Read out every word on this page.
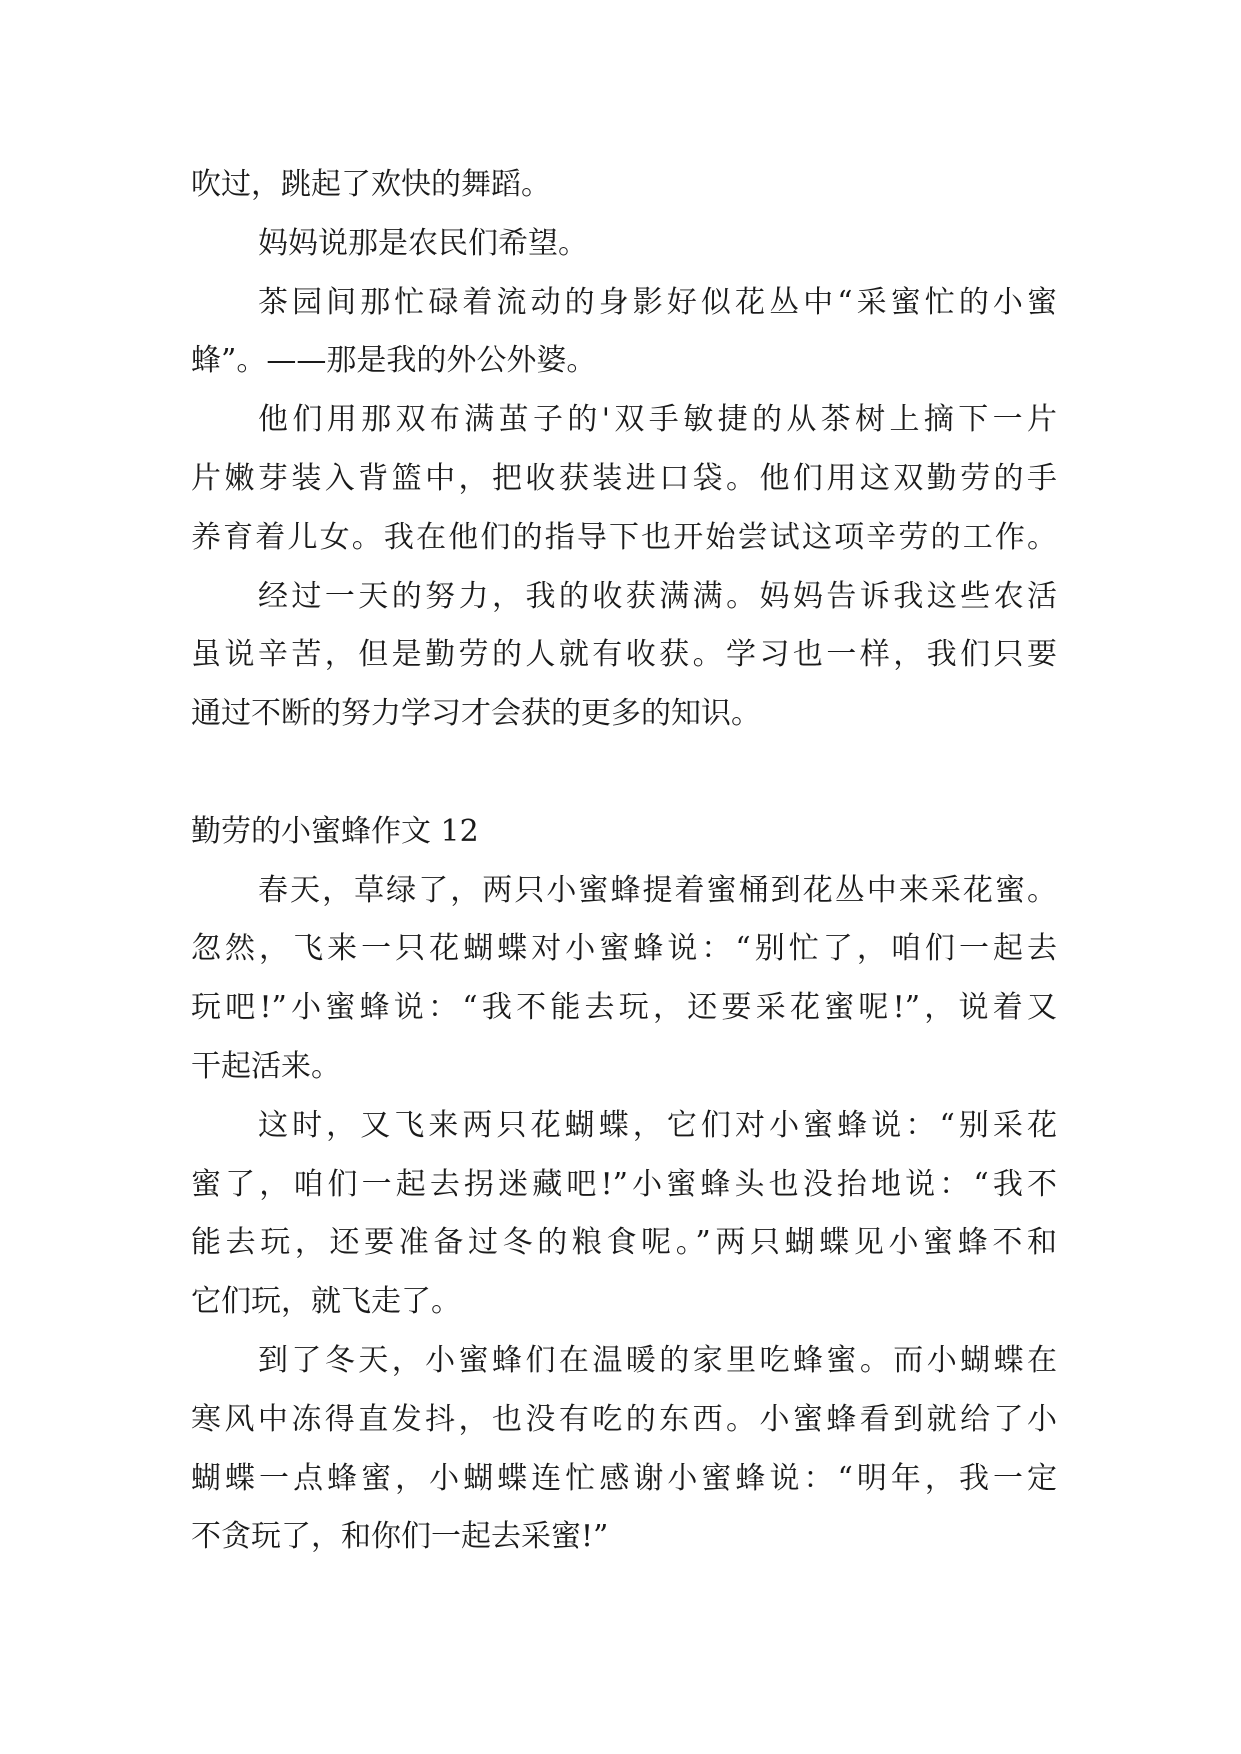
吹过，跳起了欢快的舞蹈。

妈妈说那是农民们希望。

茶园间那忙碌着流动的身影好似花丛中“采蜜忙的小蜜

蜂”。——那是我的外公外婆。

他们用那双布满茧子的'双手敏捷的从茶树上摘下一片

片嫩芽装入背篮中，把收获装进口袋。他们用这双勤劳的手

养育着儿女。我在他们的指导下也开始尝试这项辛劳的工作。

经过一天的努力，我的收获满满。妈妈告诉我这些农活

虽说辛苦，但是勤劳的人就有收获。学习也一样，我们只要

通过不断的努力学习才会获的更多的知识。

勤劳的小蜜蜂作文 12

春天，草绿了，两只小蜜蜂提着蜜桶到花丛中来采花蜜。

忽然，飞来一只花蝴蝶对小蜜蜂说：“别忙了，咱们一起去

玩吧!”小蜜蜂说：“我不能去玩，还要采花蜜呢!”，说着又

干起活来。

这时，又飞来两只花蝴蝶，它们对小蜜蜂说：“别采花

蜜了，咱们一起去拐迷藏吧!”小蜜蜂头也没抬地说：“我不

能去玩，还要准备过冬的粮食呢。”两只蝴蝶见小蜜蜂不和

它们玩，就飞走了。

到了冬天，小蜜蜂们在温暖的家里吃蜂蜜。而小蝴蝶在

寒风中冻得直发抖，也没有吃的东西。小蜜蜂看到就给了小

蝴蝶一点蜂蜜，小蝴蝶连忙感谢小蜜蜂说：“明年，我一定

不贪玩了，和你们一起去采蜜!”
